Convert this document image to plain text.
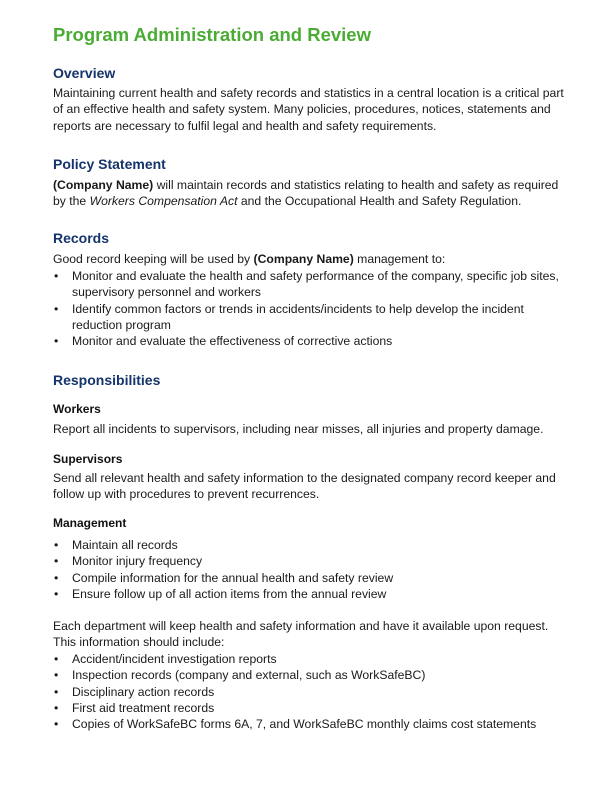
Program Administration and Review
Overview
Maintaining current health and safety records and statistics in a central location is a critical part
of an effective health and safety system. Many policies, procedures, notices, statements and
reports are necessary to fulfil legal and health and safety requirements.
Policy Statement
(Company Name) will maintain records and statistics relating to health and safety as required
by the Workers Compensation Act and the Occupational Health and Safety Regulation.
Records
Good record keeping will be used by (Company Name) management to:
• Monitor and evaluate the health and safety performance of the company, specific job sites,
supervisory personnel and workers
• Identify common factors or trends in accidents/incidents to help develop the incident
reduction program
• Monitor and evaluate the effectiveness of corrective actions
Responsibilities
Workers
Report all incidents to supervisors, including near misses, all injuries and property damage.
Supervisors
Send all relevant health and safety information to the designated company record keeper and
follow up with procedures to prevent recurrences.
Management
• Maintain all records
• Monitor injury frequency
• Compile information for the annual health and safety review
• Ensure follow up of all action items from the annual review
Each department will keep health and safety information and have it available upon request.
This information should include:
• Accident/incident investigation reports
• Inspection records (company and external, such as WorkSafeBC)
• Disciplinary action records
• First aid treatment records
• Copies of WorkSafeBC forms 6A, 7, and WorkSafeBC monthly claims cost statements
